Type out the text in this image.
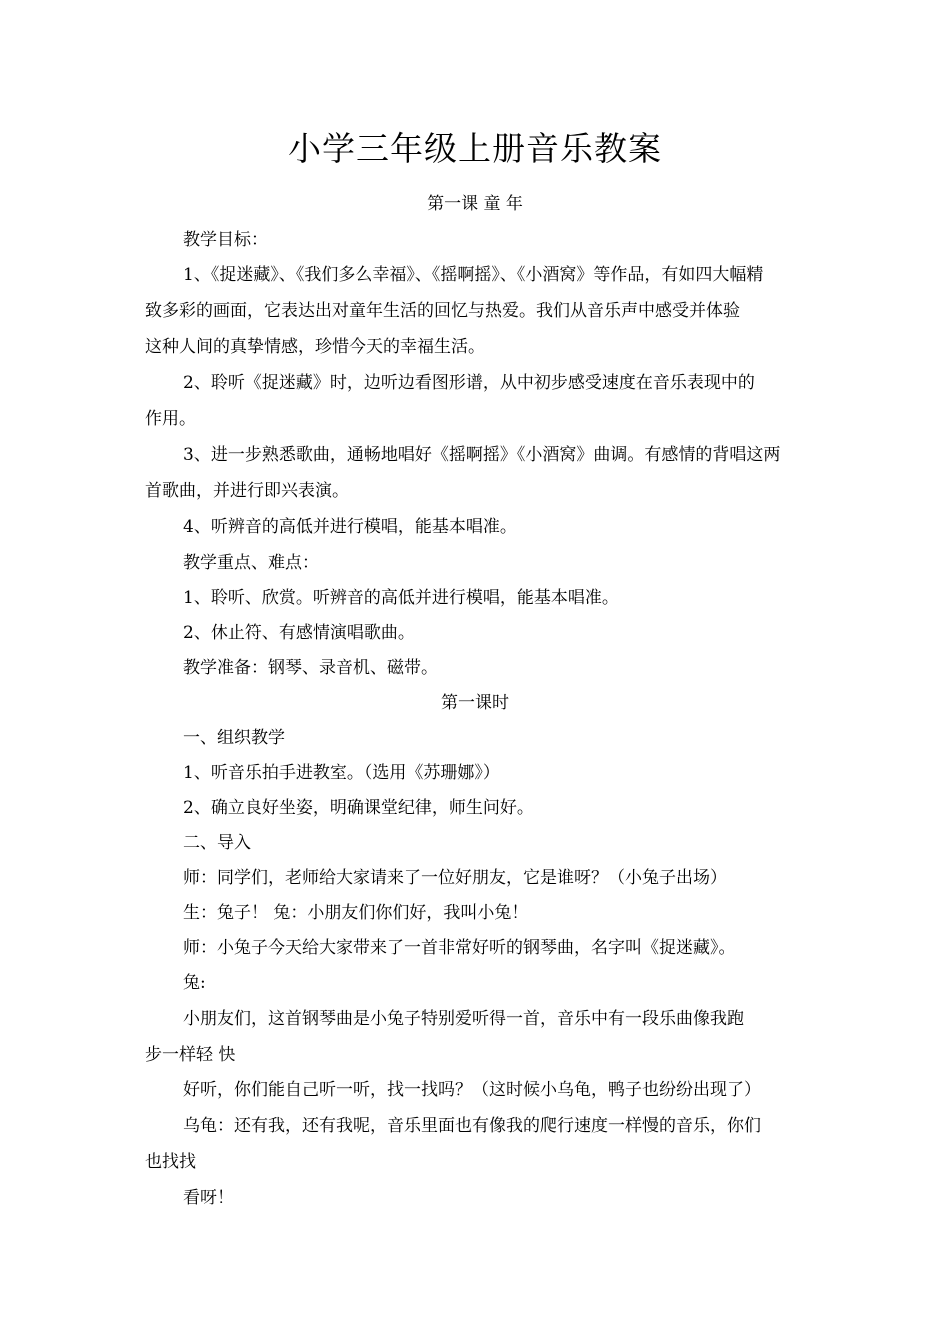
小学三年级上册音乐教案
第一课 童 年
教学目标：
1、《捉迷藏》、《我们多么幸福》、《摇啊摇》、《小酒窝》等作品，有如四大幅精
致多彩的画面，它表达出对童年生活的回忆与热爱。我们从音乐声中感受并体验
这种人间的真挚情感，珍惜今天的幸福生活。
2、聆听《捉迷藏》时，边听边看图形谱，从中初步感受速度在音乐表现中的
作用。
3、进一步熟悉歌曲，通畅地唱好《摇啊摇》《小酒窝》曲调。有感情的背唱这两
首歌曲，并进行即兴表演。
4、听辨音的高低并进行模唱，能基本唱准。
教学重点、难点：
1、聆听、欣赏。听辨音的高低并进行模唱，能基本唱准。
2、休止符、有感情演唱歌曲。
教学准备：钢琴、录音机、磁带。
第一课时
一、组织教学
1、听音乐拍手进教室。（选用《苏珊娜》）
2、确立良好坐姿，明确课堂纪律，师生问好。
二、导入
师：同学们，老师给大家请来了一位好朋友，它是谁呀？（小兔子出场）
生：兔子！ 兔：小朋友们你们好，我叫小兔！
师：小兔子今天给大家带来了一首非常好听的钢琴曲，名字叫《捉迷藏》。
兔:
小朋友们，这首钢琴曲是小兔子特别爱听得一首，音乐中有一段乐曲像我跑
步一样轻 快
好听，你们能自己听一听，找一找吗？（这时候小乌龟，鸭子也纷纷出现了）
乌龟：还有我，还有我呢，音乐里面也有像我的爬行速度一样慢的音乐，你们
也找找
看呀！
